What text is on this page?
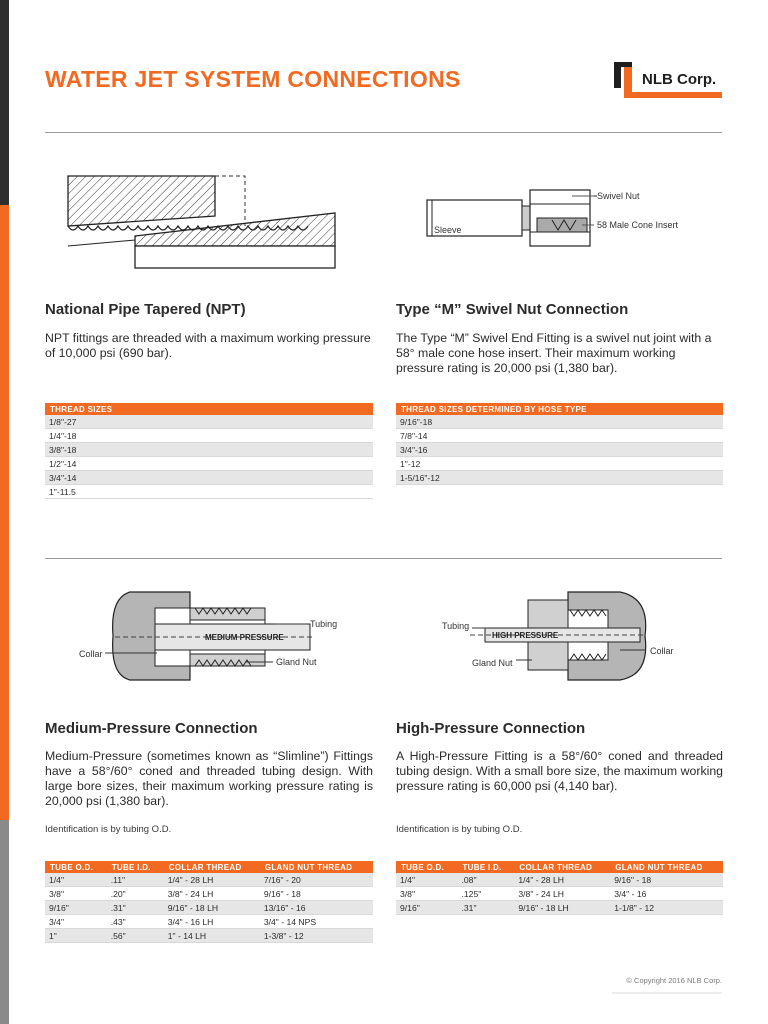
WATER JET SYSTEM CONNECTIONS	NLB Corp.
Sleeve
Swivel Nut
58 Male Cone Insert
National Pipe Tapered (NPT)	Type “M” Swivel Nut Connection
NPT fittings are threaded with a maximum working pressure of 10,000 psi (690 bar).
The Type “M” Swivel End Fitting is a swivel nut joint with a 58° male cone hose insert. Their maximum working pressure rating is 20,000 psi (1,380 bar).
THREAD SIZES
1/8"-27
1/4"-18
3/8"-18
1/2"-14
3/4"-14
1"-11.5
THREAD SIZES DETERMINED BY HOSE TYPE
9/16"-18
7/8"-14
3/4"-16
1"-12
1-5/16"-12
MEDIUM PRESSURE
Tubing
Collar
Gland Nut
HIGH PRESSURE
Tubing
Collar
Gland Nut
Medium-Pressure Connection	High-Pressure Connection
Medium-Pressure (sometimes known as “Slimline”) Fittings have a 58°/60° coned and threaded tubing design. With large bore sizes, their maximum working pressure rating is 20,000 psi (1,380 bar).
A High-Pressure Fitting is a 58°/60° coned and threaded tubing design. With a small bore size, the maximum working pressure rating is 60,000 psi (4,140 bar).
Identification is by tubing O.D.	Identification is by tubing O.D.
TUBE O.D.	TUBE I.D.	COLLAR THREAD	GLAND NUT THREAD
1/4"	.11"	1/4" - 28 LH	7/16" - 20
3/8"	.20"	3/8" - 24 LH	9/16" - 18
9/16"	.31"	9/16" - 18 LH	13/16" - 16
3/4"	.43"	3/4" - 16 LH	3/4" - 14 NPS
1"	.56"	1" - 14 LH	1-3/8" - 12
TUBE O.D.	TUBE I.D.	COLLAR THREAD	GLAND NUT THREAD
1/4"	.08"	1/4" - 28 LH	9/16" - 18
3/8"	.125"	3/8" - 24 LH	3/4" - 16
9/16"	.31"	9/16" - 18 LH	1-1/8" - 12
© Copyright 2016 NLB Corp.
